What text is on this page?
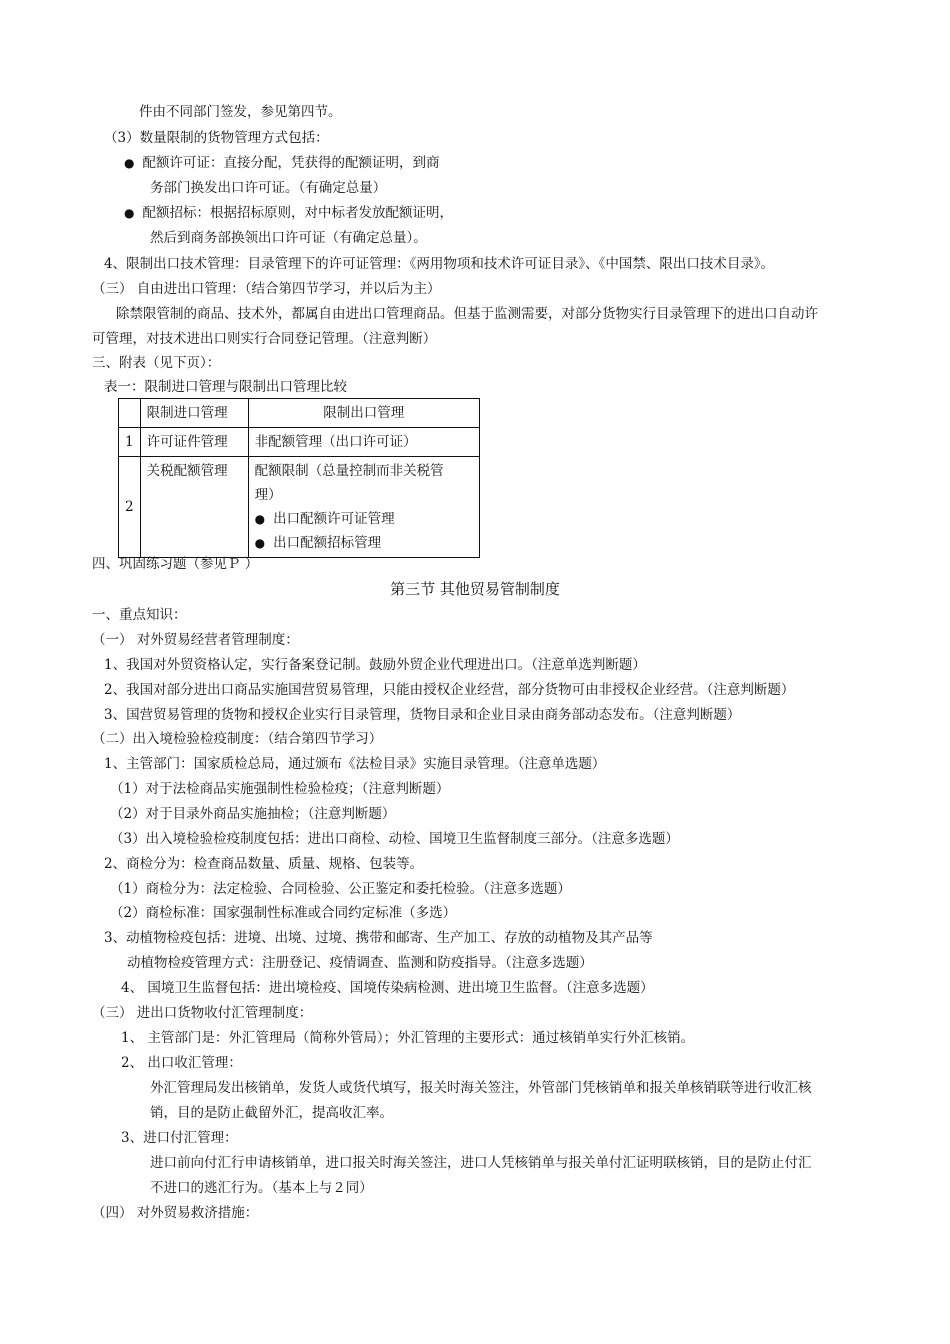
件由不同部门签发，参见第四节。
（3）数量限制的货物管理方式包括：
● 配额许可证：直接分配，凭获得的配额证明，到商
务部门换发出口许可证。（有确定总量）
● 配额招标：根据招标原则，对中标者发放配额证明，
然后到商务部换领出口许可证（有确定总量）。
4、限制出口技术管理：目录管理下的许可证管理：《两用物项和技术许可证目录》、《中国禁、限出口技术目录》。
（三） 自由进出口管理：（结合第四节学习，并以后为主）
除禁限管制的商品、技术外，都属自由进出口管理商品。但基于监测需要，对部分货物实行目录管理下的进出口自动许
可管理，对技术进出口则实行合同登记管理。（注意判断）
三、附表（见下页）：
表一：限制进口管理与限制出口管理比较
	限制进口管理	限制出口管理
1	许可证件管理	非配额管理（出口许可证）
2	关税配额管理	配额限制（总量控制而非关税管
理）
● 出口配额许可证管理
● 出口配额招标管理
四、巩固练习题（参见Ｐ ）
第三节 其他贸易管制制度
一、重点知识：
（一） 对外贸易经营者管理制度：
1、我国对外贸资格认定，实行备案登记制。鼓励外贸企业代理进出口。（注意单选判断题）
2、我国对部分进出口商品实施国营贸易管理，只能由授权企业经营，部分货物可由非授权企业经营。（注意判断题）
3、国营贸易管理的货物和授权企业实行目录管理，货物目录和企业目录由商务部动态发布。（注意判断题）
（二）出入境检验检疫制度：（结合第四节学习）
1、主管部门：国家质检总局，通过颁布《法检目录》实施目录管理。（注意单选题）
（1）对于法检商品实施强制性检验检疫；（注意判断题）
（2）对于目录外商品实施抽检；（注意判断题）
（3）出入境检验检疫制度包括：进出口商检、动检、国境卫生监督制度三部分。（注意多选题）
2、商检分为：检查商品数量、质量、规格、包装等。
（1）商检分为：法定检验、合同检验、公正鉴定和委托检验。（注意多选题）
（2）商检标准：国家强制性标准或合同约定标准（多选）
3、动植物检疫包括：进境、出境、过境、携带和邮寄、生产加工、存放的动植物及其产品等
动植物检疫管理方式：注册登记、疫情调查、监测和防疫指导。（注意多选题）
4、 国境卫生监督包括：进出境检疫、国境传染病检测、进出境卫生监督。（注意多选题）
（三） 进出口货物收付汇管理制度：
1、 主管部门是：外汇管理局（简称外管局）；外汇管理的主要形式：通过核销单实行外汇核销。
2、 出口收汇管理：
外汇管理局发出核销单，发货人或货代填写，报关时海关签注，外管部门凭核销单和报关单核销联等进行收汇核
销，目的是防止截留外汇，提高收汇率。
3、进口付汇管理：
进口前向付汇行申请核销单，进口报关时海关签注，进口人凭核销单与报关单付汇证明联核销，目的是防止付汇
不进口的逃汇行为。（基本上与２同）
（四） 对外贸易救济措施：
